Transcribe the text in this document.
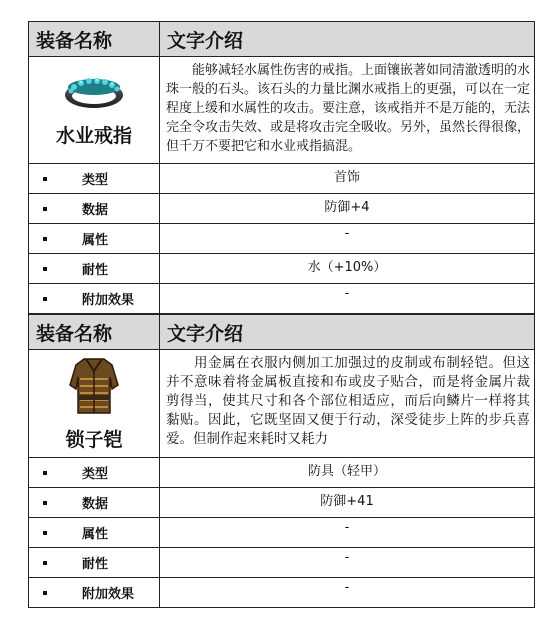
装备名称	文字介绍

水业戒指	　　能够减轻水属性伤害的戒指。上面镶嵌著如同清澈透明的水珠一般的石头。该石头的力量比渊水戒指上的更强，可以在一定程度上缓和水属性的攻击。要注意，该戒指并不是万能的，无法完全令攻击失效、或是将攻击完全吸收。另外，虽然长得很像，但千万不要把它和水业戒指搞混。

类型	首饰

数据	防御+4

属性	-

耐性	水（+10%）

附加效果	-
装备名称	文字介绍

锁子铠	　　用金属在衣服内侧加工加强过的皮制或布制轻铠。但这并不意味着将金属板直接和布或皮子贴合，而是将金属片裁剪得当，使其尺寸和各个部位相适应，而后向鳞片一样将其黏贴。因此，它既坚固又便于行动，深受徒步上阵的步兵喜爱。但制作起来耗时又耗力

类型	防具（轻甲）

数据	防御+41

属性	-

耐性	-

附加效果	-
